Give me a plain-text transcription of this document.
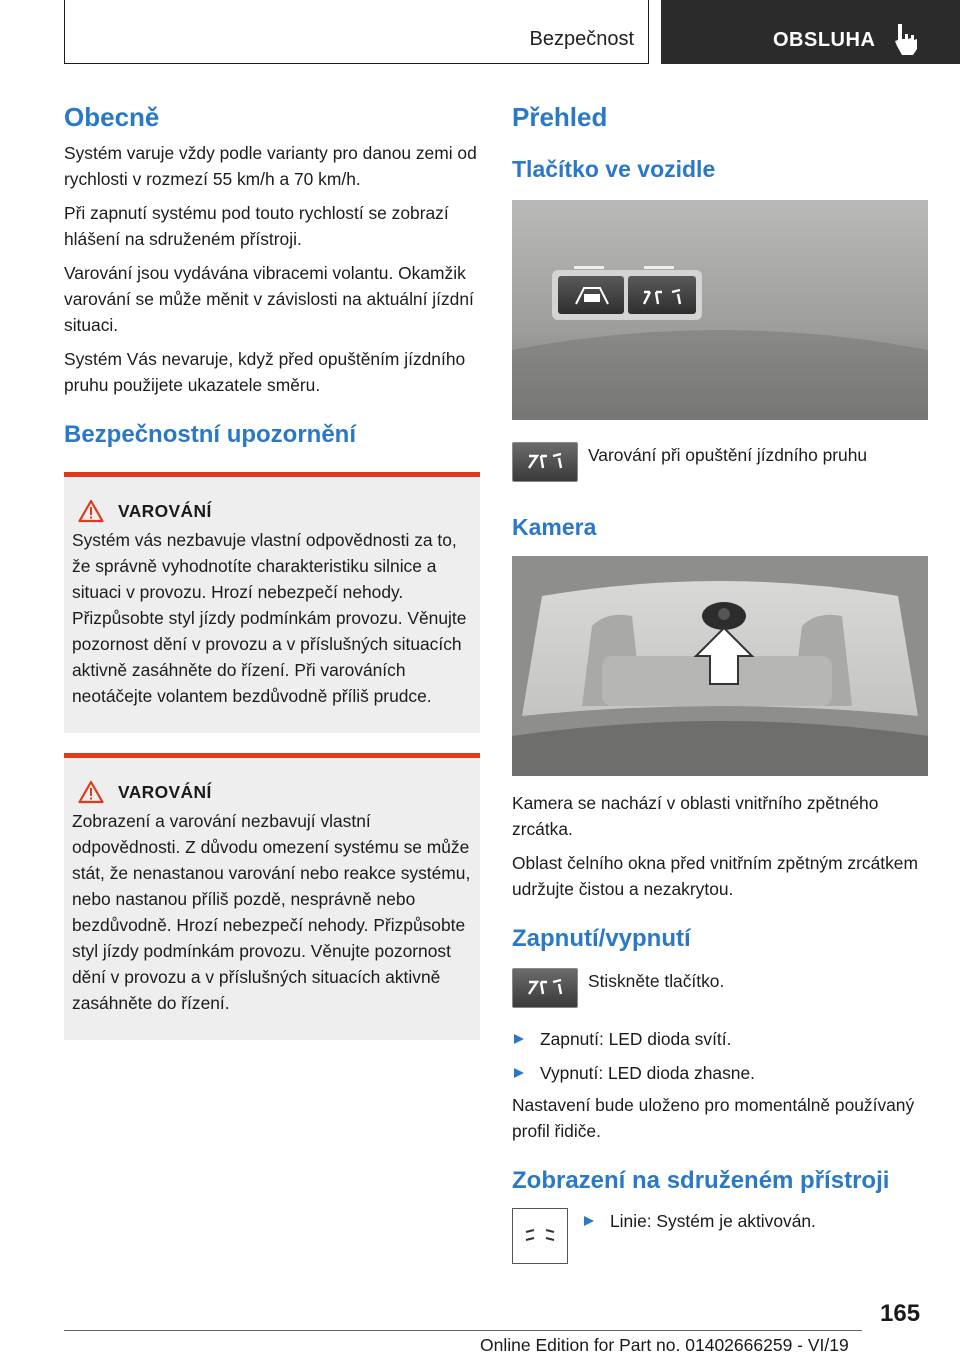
Bezpečnost	OBSLUHA
Obecně

Systém varuje vždy podle varianty pro danou zemi od rychlosti v rozmezí 55 km/h a 70 km/h.

Při zapnutí systému pod touto rychlostí se zobrazí hlášení na sdruženém přístroji.

Varování jsou vydávána vibracemi volantu. Okamžik varování se může měnit v závislosti na aktuální jízdní situaci.

Systém Vás nevaruje, když před opuštěním jízdního pruhu použijete ukazatele směru.

Bezpečnostní upozornění
VAROVÁNÍ

Systém vás nezbavuje vlastní odpovědnosti za to, že správně vyhodnotíte charakteristiku silnice a situaci v provozu. Hrozí nebezpečí nehody. Přizpůsobte styl jízdy podmínkám provozu. Věnujte pozornost dění v provozu a v příslušných situacích aktivně zasáhněte do řízení. Při varováních neotáčejte volantem bezdůvodně příliš prudce.

VAROVÁNÍ

Zobrazení a varování nezbavují vlastní odpovědnosti. Z důvodu omezení systému se může stát, že nenastanou varování nebo reakce systému, nebo nastanou příliš pozdě, nesprávně nebo bezdůvodně. Hrozí nebezpečí nehody. Přizpůsobte styl jízdy podmínkám provozu. Věnujte pozornost dění v provozu a v příslušných situacích aktivně zasáhněte do řízení.

Přehled
Tlačítko ve vozidle

Varování při opuštění jízdního pruhu

Kamera

Kamera se nachází v oblasti vnitřního zpětného zrcátka.

Oblast čelního okna před vnitřním zpětným zrcátkem udržujte čistou a nezakrytou.

Zapnutí/vypnutí

Stiskněte tlačítko.

Zapnutí: LED dioda svítí.
Vypnutí: LED dioda zhasne.

Nastavení bude uloženo pro momentálně používaný profil řidiče.

Zobrazení na sdruženém přístroji
Linie: Systém je aktivován.
165
Online Edition for Part no. 01402666259 - VI/19
